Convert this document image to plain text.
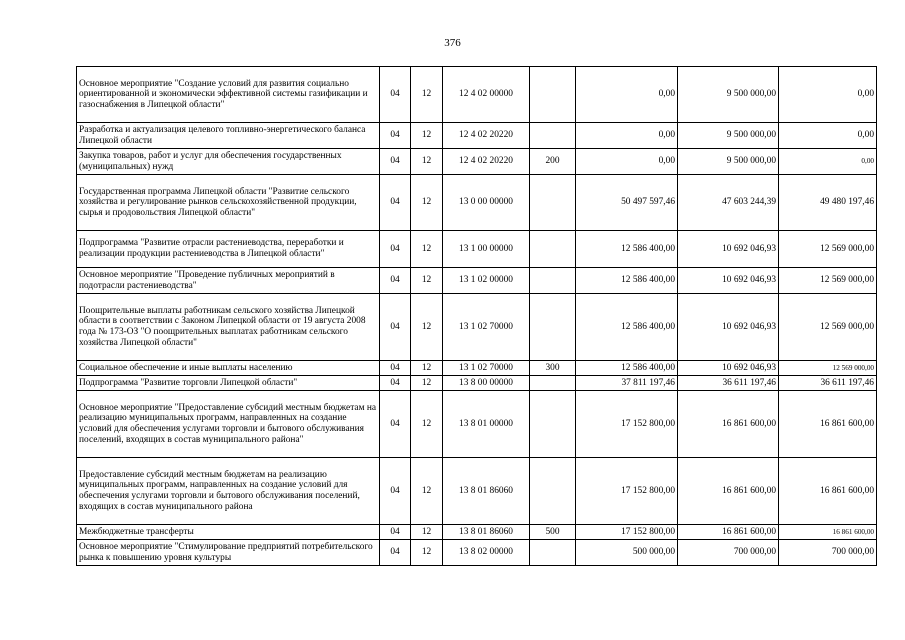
376
Основное мероприятие "Создание условий для развития социально ориентированной и экономически эффективной системы газификации и газоснабжения в Липецкой области"	04	12	12 4 02 00000		0,00	9 500 000,00	0,00
Разработка и актуализация целевого топливно-энергетического баланса Липецкой области	04	12	12 4 02 20220		0,00	9 500 000,00	0,00
Закупка товаров, работ и услуг для обеспечения государственных (муниципальных) нужд	04	12	12 4 02 20220	200	0,00	9 500 000,00	0,00
Государственная программа Липецкой области "Развитие сельского хозяйства и регулирование рынков сельскохозяйственной продукции, сырья и продовольствия Липецкой области"	04	12	13 0 00 00000		50 497 597,46	47 603 244,39	49 480 197,46
Подпрограмма "Развитие отрасли растениеводства, переработки и реализации продукции растениеводства в Липецкой области"	04	12	13 1 00 00000		12 586 400,00	10 692 046,93	12 569 000,00
Основное мероприятие "Проведение публичных мероприятий в подотрасли растениеводства"	04	12	13 1 02 00000		12 586 400,00	10 692 046,93	12 569 000,00
Поощрительные выплаты работникам сельского хозяйства Липецкой области в соответствии с Законом Липецкой области от 19 августа 2008 года № 173-ОЗ "О поощрительных выплатах работникам сельского хозяйства Липецкой области"	04	12	13 1 02 70000		12 586 400,00	10 692 046,93	12 569 000,00
Социальное обеспечение и иные выплаты населению	04	12	13 1 02 70000	300	12 586 400,00	10 692 046,93	12 569 000,00
Подпрограмма "Развитие торговли Липецкой области"	04	12	13 8 00 00000		37 811 197,46	36 611 197,46	36 611 197,46
Основное мероприятие "Предоставление субсидий местным бюджетам на реализацию муниципальных программ, направленных на создание условий для обеспечения услугами торговли и бытового обслуживания поселений, входящих в состав муниципального района"	04	12	13 8 01 00000		17 152 800,00	16 861 600,00	16 861 600,00
Предоставление субсидий местным бюджетам на реализацию муниципальных программ, направленных на создание условий для обеспечения услугами торговли и бытового обслуживания поселений, входящих в состав муниципального района	04	12	13 8 01 86060		17 152 800,00	16 861 600,00	16 861 600,00
Межбюджетные трансферты	04	12	13 8 01 86060	500	17 152 800,00	16 861 600,00	16 861 600,00
Основное мероприятие "Стимулирование предприятий потребительского рынка к повышению уровня культуры	04	12	13 8 02 00000		500 000,00	700 000,00	700 000,00
